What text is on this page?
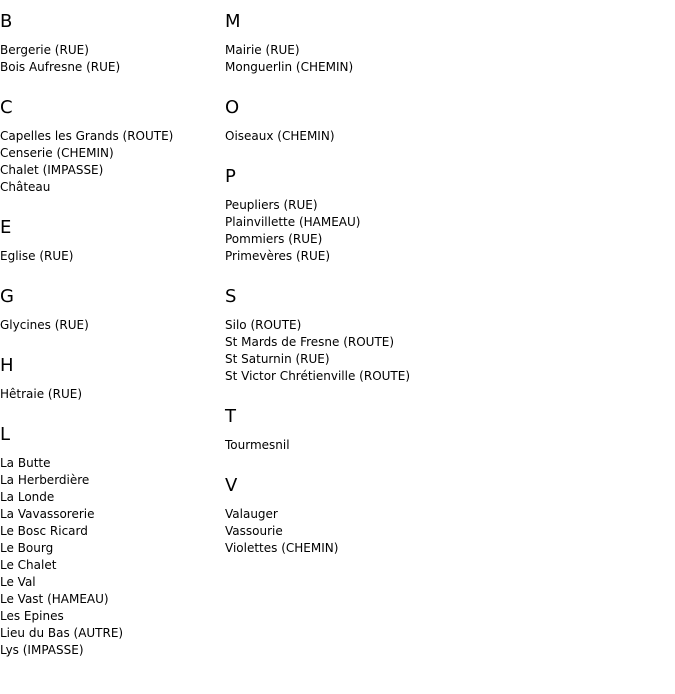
B
Bergerie (RUE)
Bois Aufresne (RUE)
C
Capelles les Grands (ROUTE)
Censerie (CHEMIN)
Chalet (IMPASSE)
Château
E
Eglise (RUE)
G
Glycines (RUE)
H
Hêtraie (RUE)
L
La Butte
La Herberdière
La Londe
La Vavassorerie
Le Bosc Ricard
Le Bourg
Le Chalet
Le Val
Le Vast (HAMEAU)
Les Epines
Lieu du Bas (AUTRE)
Lys (IMPASSE)
M
Mairie (RUE)
Monguerlin (CHEMIN)
O
Oiseaux (CHEMIN)
P
Peupliers (RUE)
Plainvillette (HAMEAU)
Pommiers (RUE)
Primevères (RUE)
S
Silo (ROUTE)
St Mards de Fresne (ROUTE)
St Saturnin (RUE)
St Victor Chrétienville (ROUTE)
T
Tourmesnil
V
Valauger
Vassourie
Violettes (CHEMIN)
